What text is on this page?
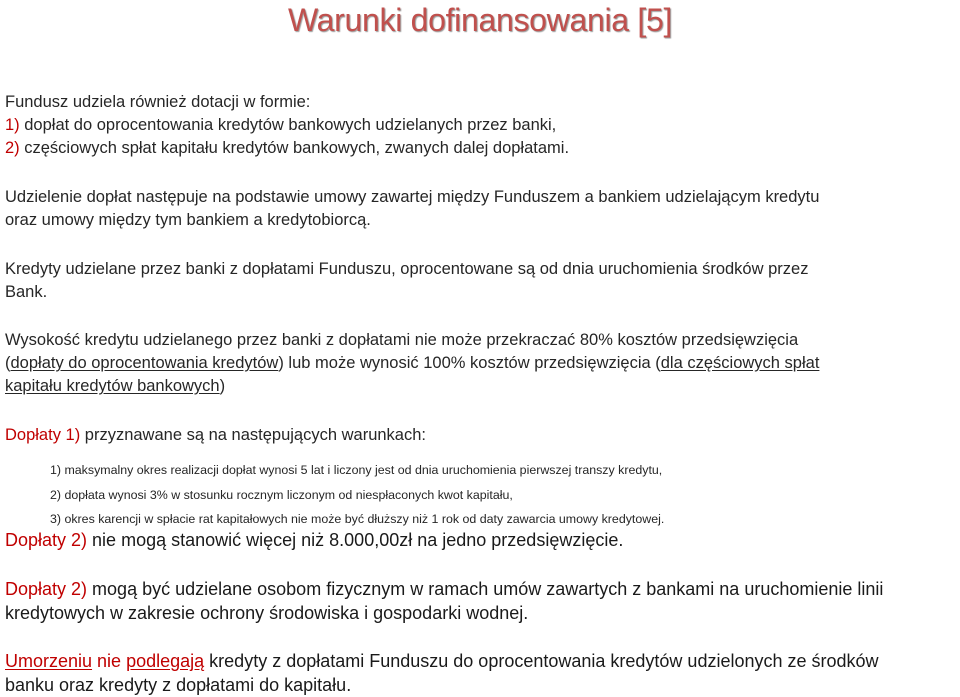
Warunki dofinansowania [5]
Fundusz udziela również dotacji w formie:
1) dopłat do oprocentowania kredytów bankowych udzielanych przez banki,
2) częściowych spłat kapitału kredytów bankowych, zwanych dalej dopłatami.
Udzielenie dopłat następuje na podstawie umowy zawartej między Funduszem a bankiem udzielającym kredytu
oraz umowy między tym bankiem a kredytobiorcą.
Kredyty udzielane przez banki z dopłatami Funduszu, oprocentowane są od dnia uruchomienia środków przez
Bank.
Wysokość kredytu udzielanego przez banki z dopłatami nie może przekraczać 80% kosztów przedsięwzięcia
(dopłaty do oprocentowania kredytów) lub może wynosić 100% kosztów przedsięwzięcia (dla częściowych spłat
kapitału kredytów bankowych)
Dopłaty 1) przyznawane są na następujących warunkach:
1) maksymalny okres realizacji dopłat wynosi 5 lat i liczony jest od dnia uruchomienia pierwszej transzy kredytu,
2) dopłata wynosi 3% w stosunku rocznym liczonym od niespłaconych kwot kapitału,
3) okres karencji w spłacie rat kapitałowych nie może być dłuższy niż 1 rok od daty zawarcia umowy kredytowej.
Dopłaty 2) nie mogą stanowić więcej niż 8.000,00zł na jedno przedsięwzięcie.
Dopłaty 2) mogą być udzielane osobom fizycznym w ramach umów zawartych z bankami na uruchomienie linii
kredytowych w zakresie ochrony środowiska i gospodarki wodnej.
Umorzeniu nie podlegają kredyty z dopłatami Funduszu do oprocentowania kredytów udzielonych ze środków
banku oraz kredyty z dopłatami do kapitału.
